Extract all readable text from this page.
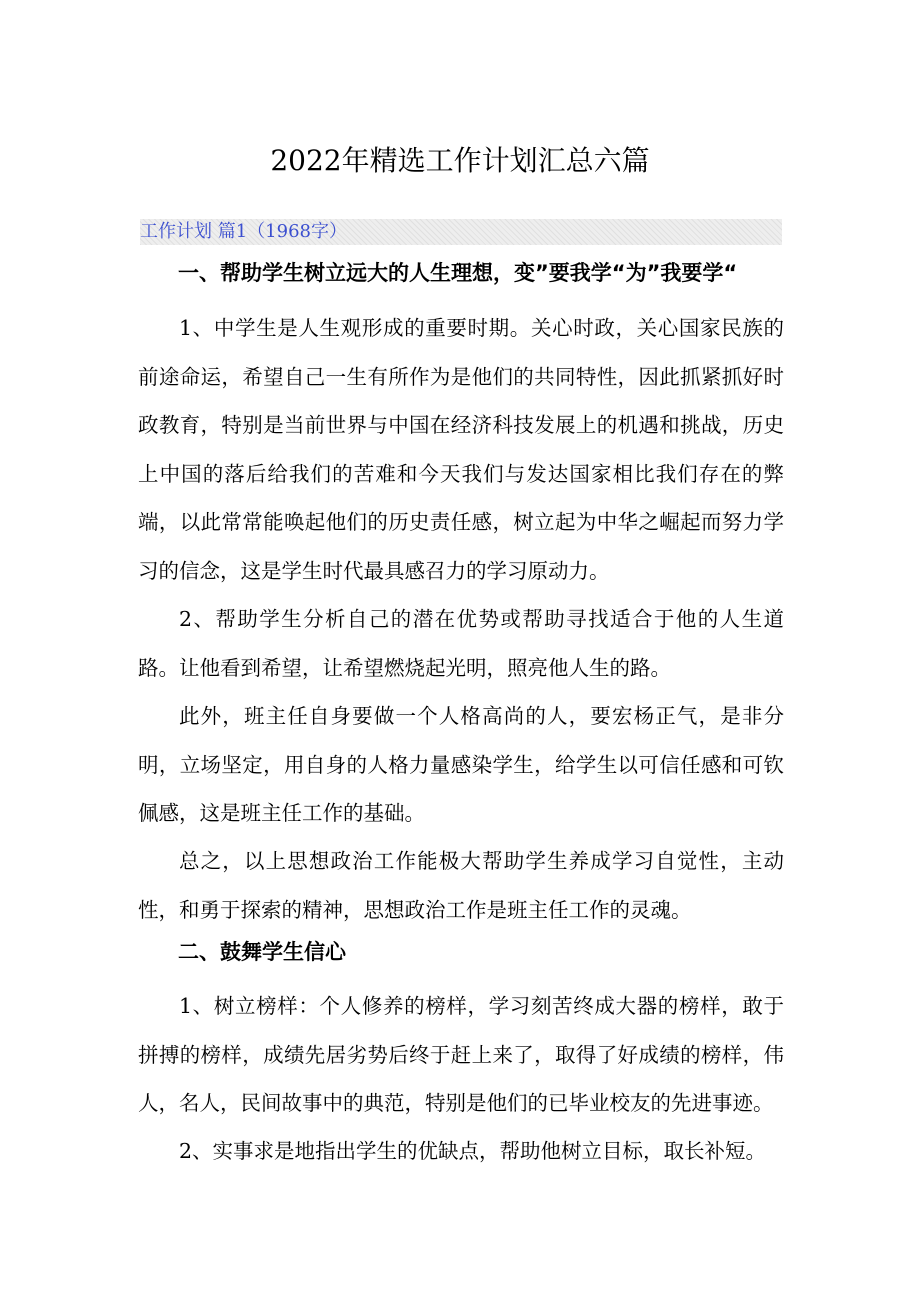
2022年精选工作计划汇总六篇
工作计划 篇1（1968字）

一、帮助学生树立远大的人生理想，变”要我学“为”我要学“

1、中学生是人生观形成的重要时期。关心时政，关心国家民族的前途命运，希望自己一生有所作为是他们的共同特性，因此抓紧抓好时政教育，特别是当前世界与中国在经济科技发展上的机遇和挑战，历史上中国的落后给我们的苦难和今天我们与发达国家相比我们存在的弊端，以此常常能唤起他们的历史责任感，树立起为中华之崛起而努力学习的信念，这是学生时代最具感召力的学习原动力。

2、帮助学生分析自己的潜在优势或帮助寻找适合于他的人生道路。让他看到希望，让希望燃烧起光明，照亮他人生的路。

此外，班主任自身要做一个人格高尚的人，要宏杨正气，是非分明，立场坚定，用自身的人格力量感染学生，给学生以可信任感和可钦佩感，这是班主任工作的基础。

总之，以上思想政治工作能极大帮助学生养成学习自觉性，主动性，和勇于探索的精神，思想政治工作是班主任工作的灵魂。

二、鼓舞学生信心

1、树立榜样：个人修养的榜样，学习刻苦终成大器的榜样，敢于拼搏的榜样，成绩先居劣势后终于赶上来了，取得了好成绩的榜样，伟人，名人，民间故事中的典范，特别是他们的已毕业校友的先进事迹。

2、实事求是地指出学生的优缺点，帮助他树立目标，取长补短。
